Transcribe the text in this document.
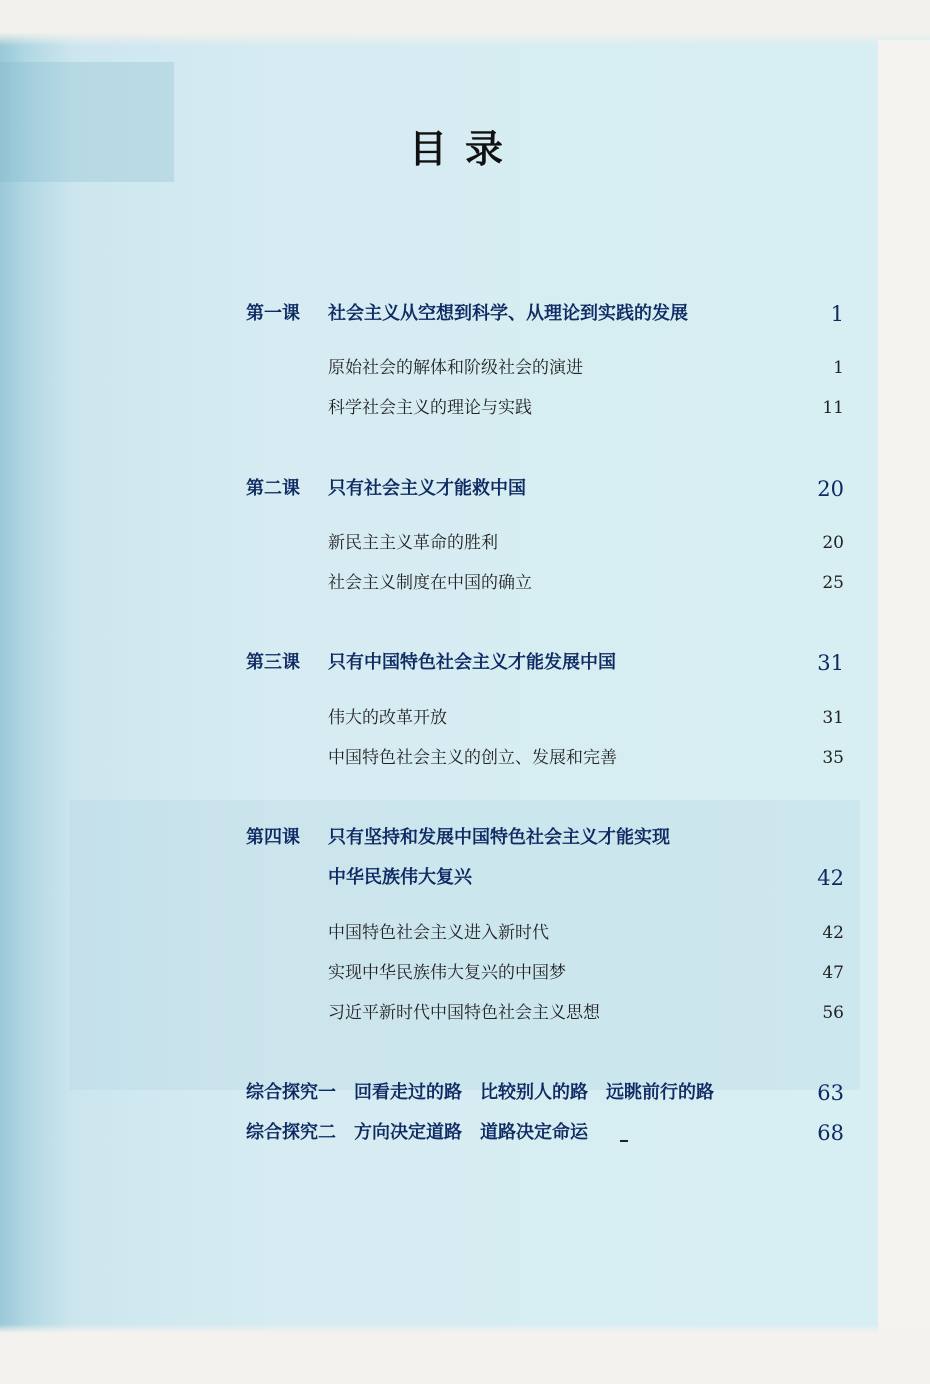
目录
第一课 社会主义从空想到科学、从理论到实践的发展	1
原始社会的解体和阶级社会的演进	1
科学社会主义的理论与实践	11
第二课 只有社会主义才能救中国	20
新民主主义革命的胜利	20
社会主义制度在中国的确立	25
第三课 只有中国特色社会主义才能发展中国	31
伟大的改革开放	31
中国特色社会主义的创立、发展和完善	35
第四课 只有坚持和发展中国特色社会主义才能实现
中华民族伟大复兴	42
中国特色社会主义进入新时代	42
实现中华民族伟大复兴的中国梦	47
习近平新时代中国特色社会主义思想	56
综合探究一　回看走过的路　比较别人的路　远眺前行的路	63
综合探究二　方向决定道路　道路决定命运	68
